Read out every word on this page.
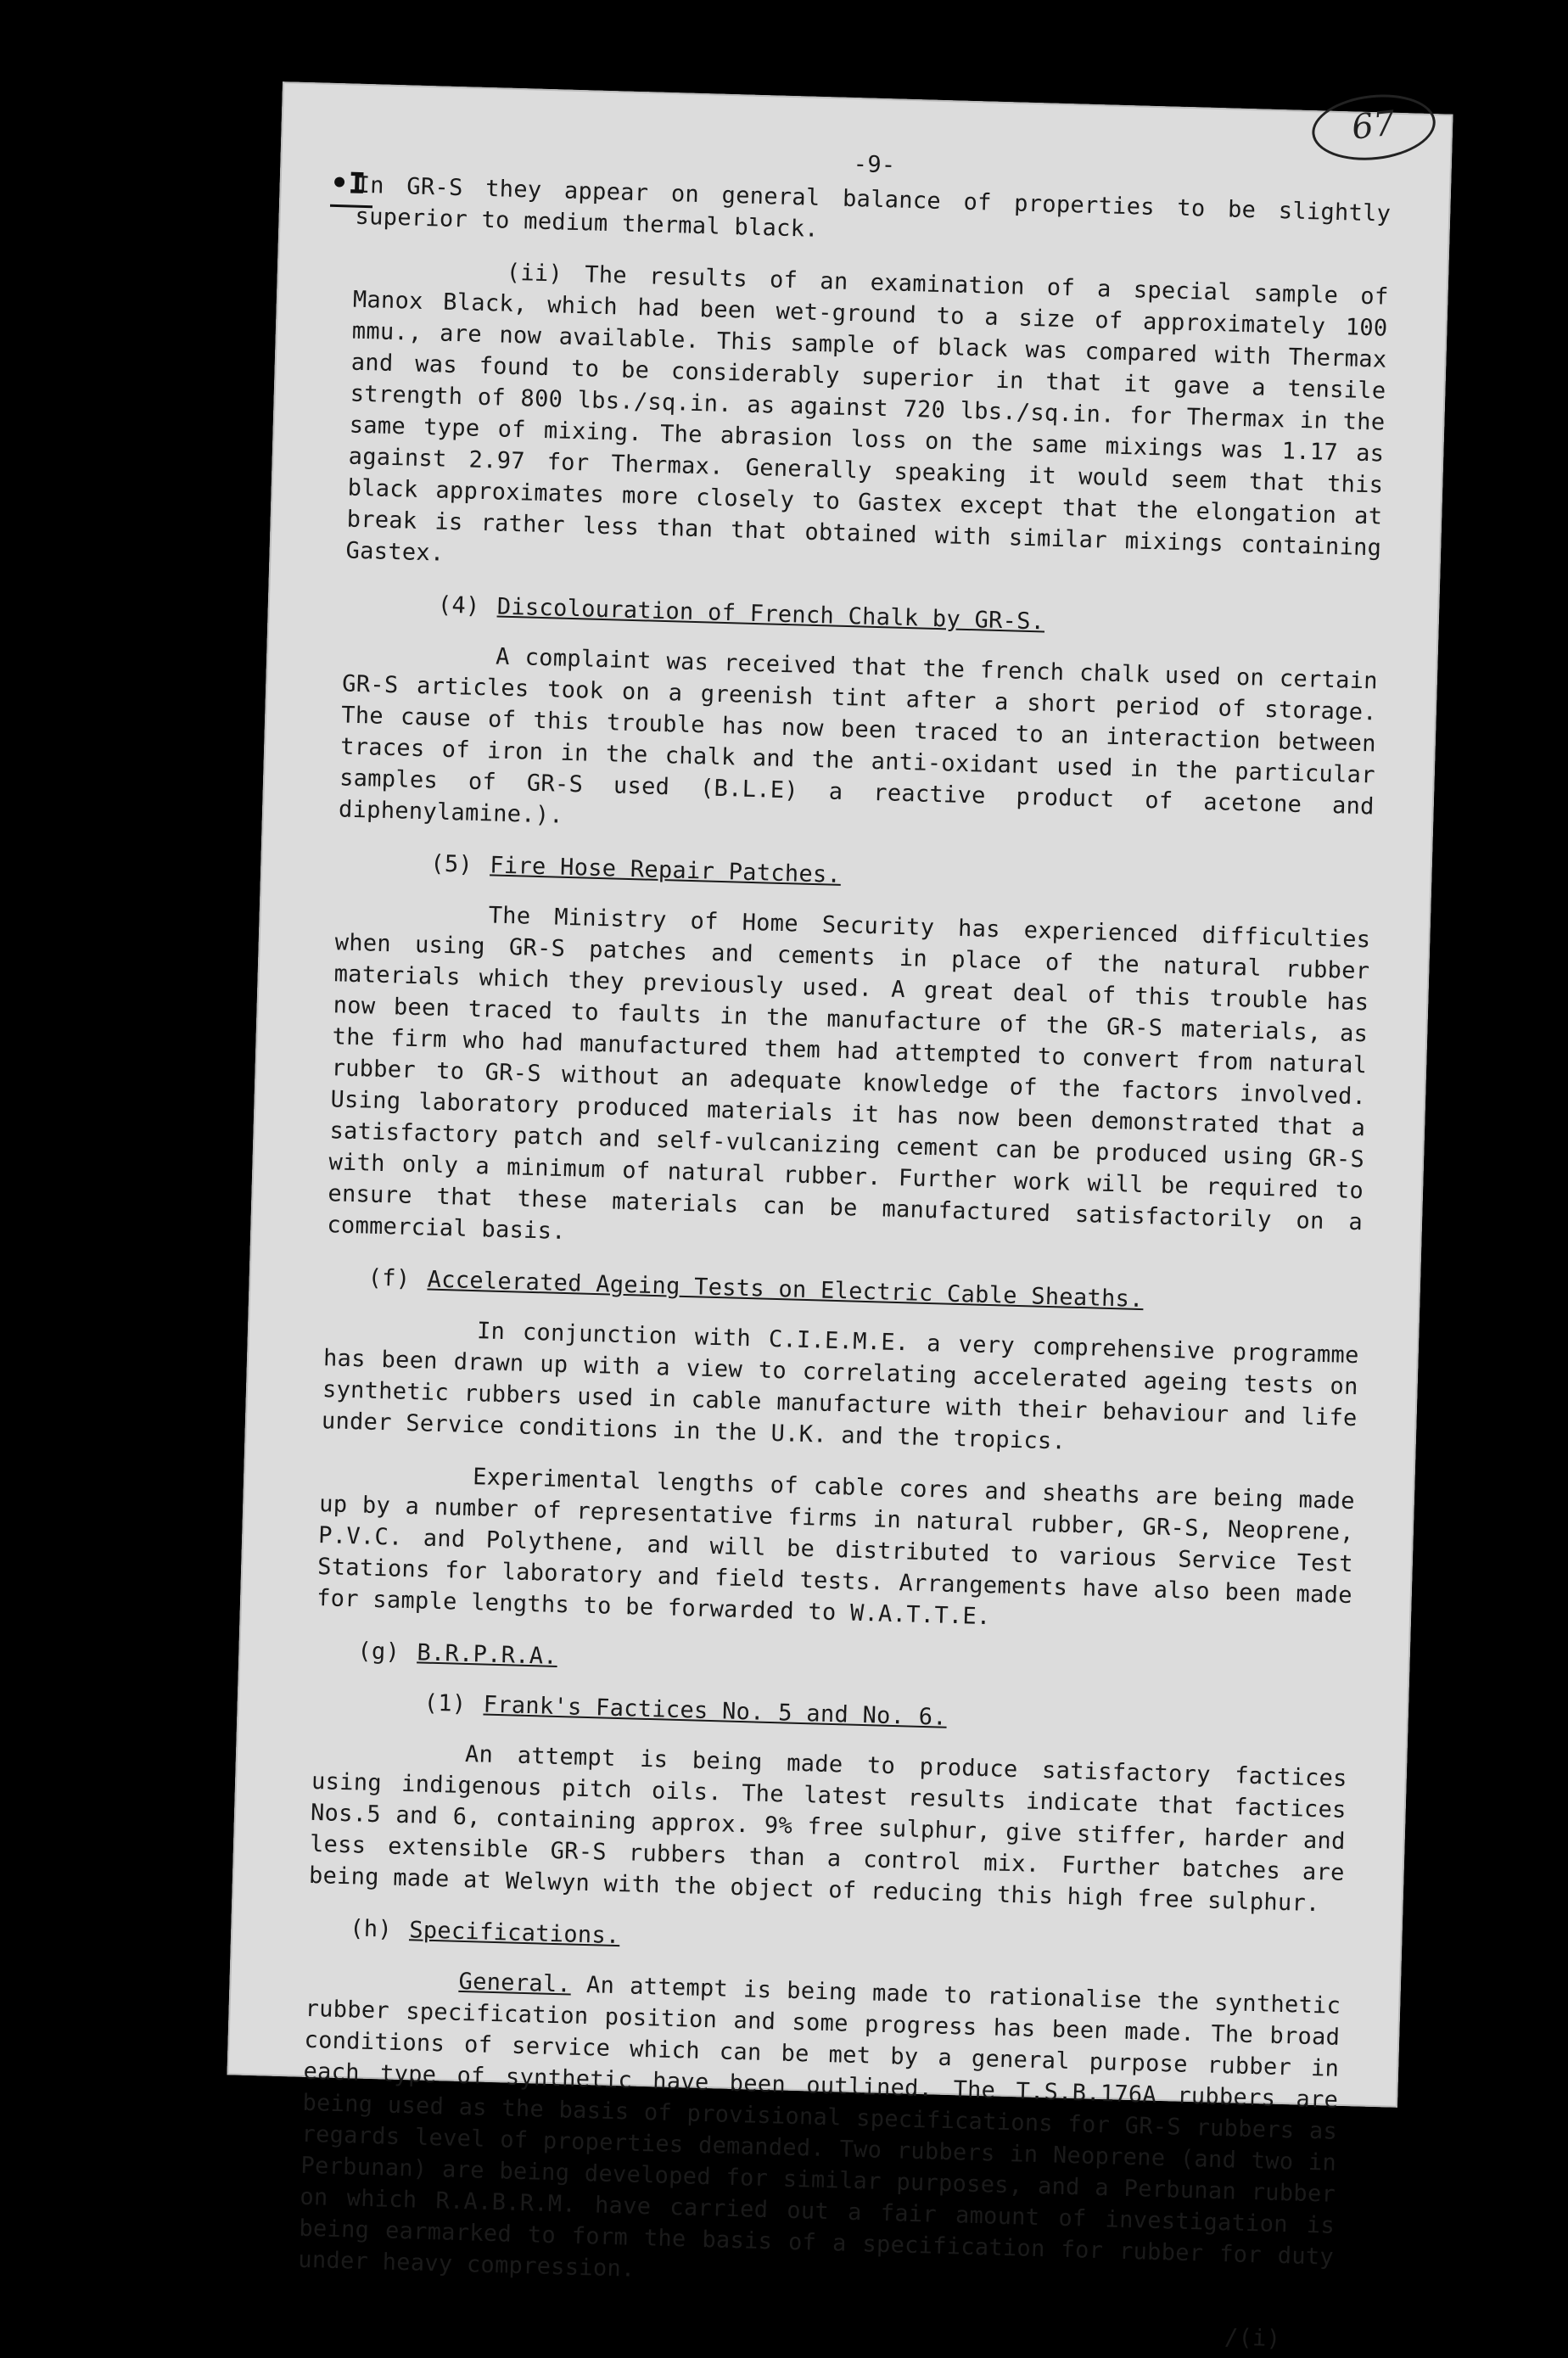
67
•I
-9-

In GR-S they appear on general balance of properties to be slightly superior to medium thermal black.

(ii) The results of an examination of a special sample of Manox Black, which had been wet-ground to a size of approximately 100 mmu., are now available. This sample of black was compared with Thermax and was found to be considerably superior in that it gave a tensile strength of 800 lbs./sq.in. as against 720 lbs./sq.in. for Thermax in the same type of mixing. The abrasion loss on the same mixings was 1.17 as against 2.97 for Thermax. Generally speaking it would seem that this black approximates more closely to Gastex except that the elongation at break is rather less than that obtained with similar mixings containing Gastex.

(4) Discolouration of French Chalk by GR-S.

A complaint was received that the french chalk used on certain GR-S articles took on a greenish tint after a short period of storage. The cause of this trouble has now been traced to an interaction between traces of iron in the chalk and the anti-oxidant used in the particular samples of GR-S used (B.L.E) a reactive product of acetone and diphenylamine.).

(5) Fire Hose Repair Patches.

The Ministry of Home Security has experienced difficulties when using GR-S patches and cements in place of the natural rubber materials which they previously used. A great deal of this trouble has now been traced to faults in the manufacture of the GR-S materials, as the firm who had manufactured them had attempted to convert from natural rubber to GR-S without an adequate knowledge of the factors involved. Using laboratory produced materials it has now been demonstrated that a satisfactory patch and self-vulcanizing cement can be produced using GR-S with only a minimum of natural rubber. Further work will be required to ensure that these materials can be manufactured satisfactorily on a commercial basis.

(f) Accelerated Ageing Tests on Electric Cable Sheaths.

In conjunction with C.I.E.M.E. a very comprehensive programme has been drawn up with a view to correlating accelerated ageing tests on synthetic rubbers used in cable manufacture with their behaviour and life under Service conditions in the U.K. and the tropics.

Experimental lengths of cable cores and sheaths are being made up by a number of representative firms in natural rubber, GR-S, Neoprene, P.V.C. and Polythene, and will be distributed to various Service Test Stations for laboratory and field tests. Arrangements have also been made for sample lengths to be forwarded to W.A.T.T.E.

(g) B.R.P.R.A.
(1) Frank's Factices No. 5 and No. 6.

An attempt is being made to produce satisfactory factices using indigenous pitch oils. The latest results indicate that factices Nos.5 and 6, containing approx. 9% free sulphur, give stiffer, harder and less extensible GR-S rubbers than a control mix. Further batches are being made at Welwyn with the object of reducing this high free sulphur.

(h) Specifications.

General. An attempt is being made to rationalise the synthetic rubber specification position and some progress has been made. The broad conditions of service which can be met by a general purpose rubber in each type of synthetic have been outlined. The T.S.B.176A rubbers are being used as the basis of provisional specifications for GR-S rubbers as regards level of properties demanded. Two rubbers in Neoprene (and two in Perbunan) are being developed for similar purposes, and a Perbunan rubber on which R.A.B.R.M. have carried out a fair amount of investigation is being earmarked to form the basis of a specification for rubber for duty under heavy compression.

/(i)
